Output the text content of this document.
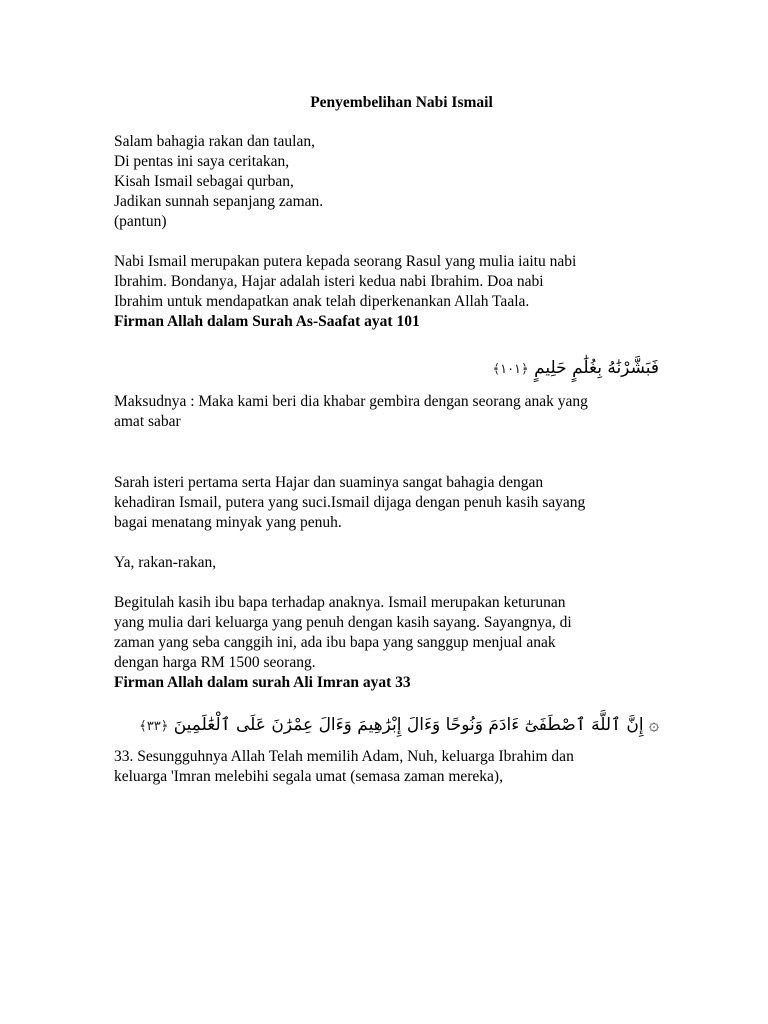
Penyembelihan Nabi Ismail

Salam bahagia rakan dan taulan,
Di pentas ini saya ceritakan,
Kisah Ismail sebagai qurban,
Jadikan sunnah sepanjang zaman.
(pantun)

Nabi Ismail merupakan putera kepada seorang Rasul yang mulia iaitu nabi
Ibrahim. Bondanya, Hajar adalah isteri kedua nabi Ibrahim. Doa nabi
Ibrahim untuk mendapatkan anak telah diperkenankan Allah Taala.

Firman Allah dalam Surah As-Saafat ayat 101

فَبَشَّرْنَٰهُ بِغُلَٰمٍ حَلِيمٍ ﴿١٠١﴾

Maksudnya : Maka kami beri dia khabar gembira dengan seorang anak yang
amat sabar

Sarah isteri pertama serta Hajar dan suaminya sangat bahagia dengan
kehadiran Ismail, putera yang suci.Ismail dijaga dengan penuh kasih sayang
bagai menatang minyak yang penuh.

Ya, rakan-rakan,

Begitulah kasih ibu bapa terhadap anaknya. Ismail merupakan keturunan
yang mulia dari keluarga yang penuh dengan kasih sayang. Sayangnya, di
zaman yang seba canggih ini, ada ibu bapa yang sanggup menjual anak
dengan harga RM 1500 seorang.

Firman Allah dalam surah Ali Imran ayat 33

۞ إِنَّ ٱللَّهَ ٱصْطَفَىٰٓ ءَادَمَ وَنُوحًا وَءَالَ إِبْرَٰهِيمَ وَءَالَ عِمْرَٰنَ عَلَى ٱلْعَٰلَمِينَ ﴿٣٣﴾

33. Sesungguhnya Allah Telah memilih Adam, Nuh, keluarga Ibrahim dan
keluarga 'Imran melebihi segala umat (semasa zaman mereka),
